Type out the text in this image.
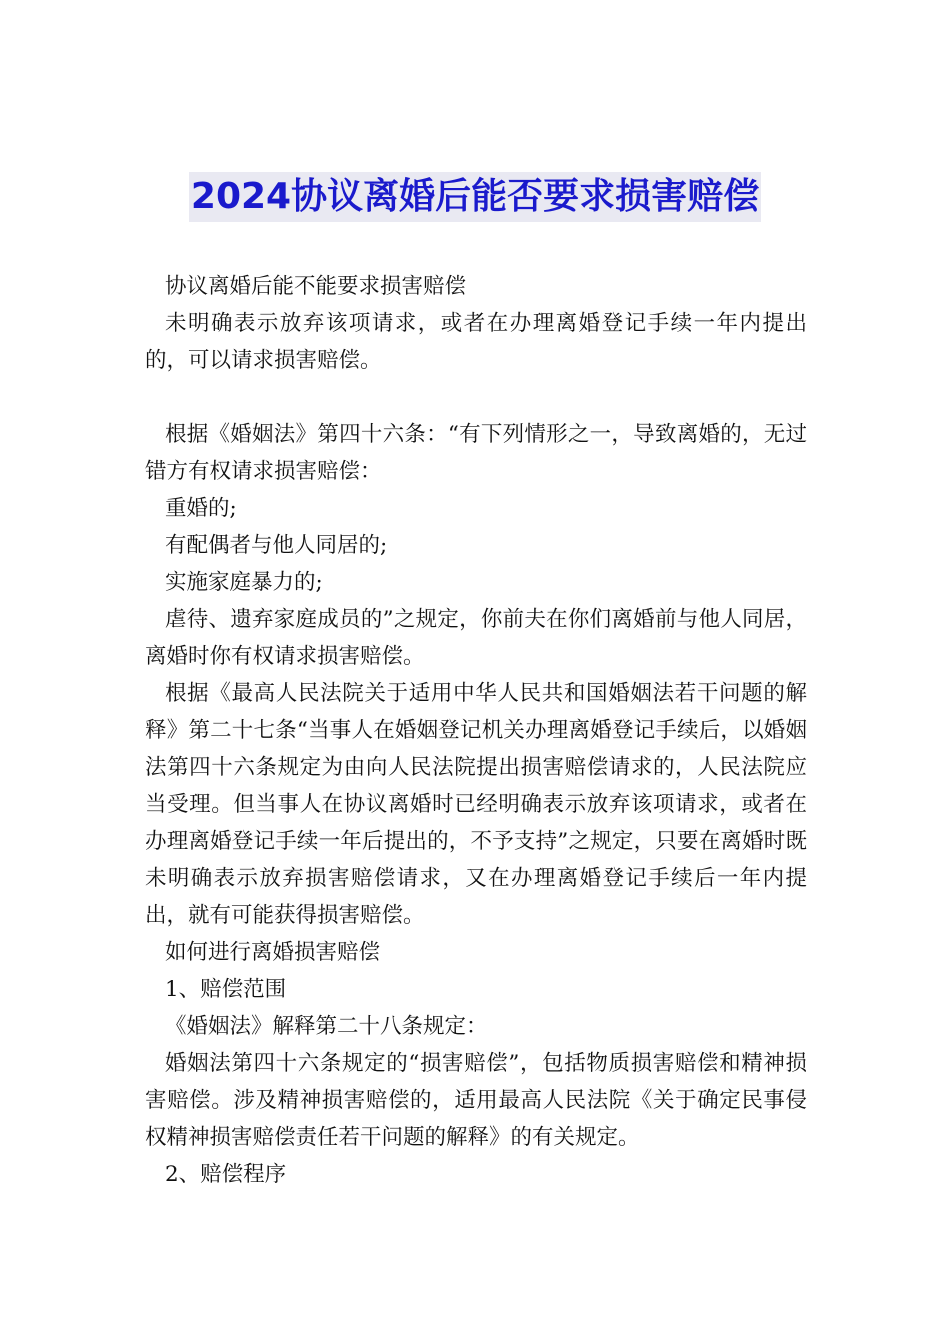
2024协议离婚后能否要求损害赔偿

协议离婚后能不能要求损害赔偿

未明确表示放弃该项请求，或者在办理离婚登记手续一年内提出的，可以请求损害赔偿。

根据《婚姻法》第四十六条：“有下列情形之一，导致离婚的，无过错方有权请求损害赔偿：

重婚的;

有配偶者与他人同居的;

实施家庭暴力的;

虐待、遗弃家庭成员的”之规定，你前夫在你们离婚前与他人同居，离婚时你有权请求损害赔偿。

根据《最高人民法院关于适用中华人民共和国婚姻法若干问题的解释》第二十七条“当事人在婚姻登记机关办理离婚登记手续后，以婚姻法第四十六条规定为由向人民法院提出损害赔偿请求的，人民法院应当受理。但当事人在协议离婚时已经明确表示放弃该项请求，或者在办理离婚登记手续一年后提出的，不予支持”之规定，只要在离婚时既未明确表示放弃损害赔偿请求，又在办理离婚登记手续后一年内提出，就有可能获得损害赔偿。

如何进行离婚损害赔偿

1、赔偿范围

《婚姻法》解释第二十八条规定：

婚姻法第四十六条规定的“损害赔偿”，包括物质损害赔偿和精神损害赔偿。涉及精神损害赔偿的，适用最高人民法院《关于确定民事侵权精神损害赔偿责任若干问题的解释》的有关规定。

2、赔偿程序
